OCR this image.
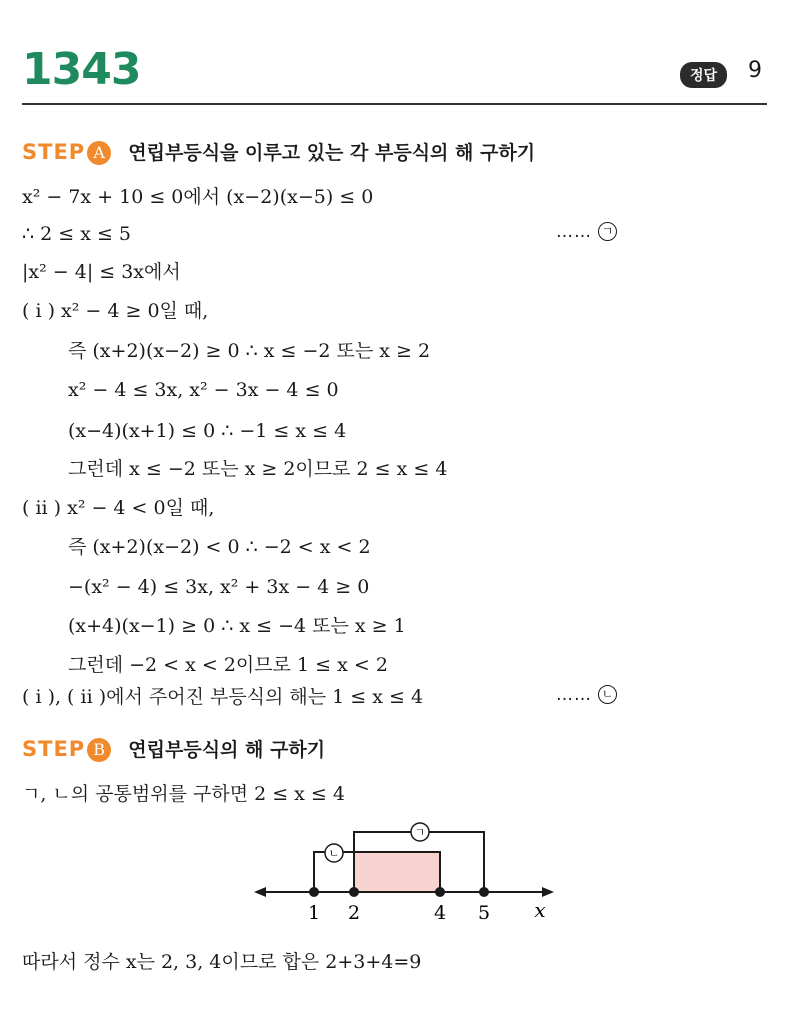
1343	정답	9
STEP A 연립부등식을 이루고 있는 각 부등식의 해 구하기
x² − 7x + 10 ≤ 0에서 (x−2)(x−5) ≤ 0
∴ 2 ≤ x ≤ 5	…… ㄱ
|x² − 4| ≤ 3x에서
( i ) x² − 4 ≥ 0일 때,
즉 (x+2)(x−2) ≥ 0 ∴ x ≤ −2 또는 x ≥ 2
x² − 4 ≤ 3x, x² − 3x − 4 ≤ 0
(x−4)(x+1) ≤ 0 ∴ −1 ≤ x ≤ 4
그런데 x ≤ −2 또는 x ≥ 2이므로 2 ≤ x ≤ 4
( ii ) x² − 4 < 0일 때,
즉 (x+2)(x−2) < 0 ∴ −2 < x < 2
−(x² − 4) ≤ 3x, x² + 3x − 4 ≥ 0
(x+4)(x−1) ≥ 0 ∴ x ≤ −4 또는 x ≥ 1
그런데 −2 < x < 2이므로 1 ≤ x < 2
( i ), ( ii )에서 주어진 부등식의 해는 1 ≤ x ≤ 4	…… ㄴ
STEP B 연립부등식의 해 구하기
ㄱ, ㄴ의 공통범위를 구하면 2 ≤ x ≤ 4
ㄴ
ㄱ
1 2	4 5 x
따라서 정수 x는 2, 3, 4이므로 합은 2+3+4=9
